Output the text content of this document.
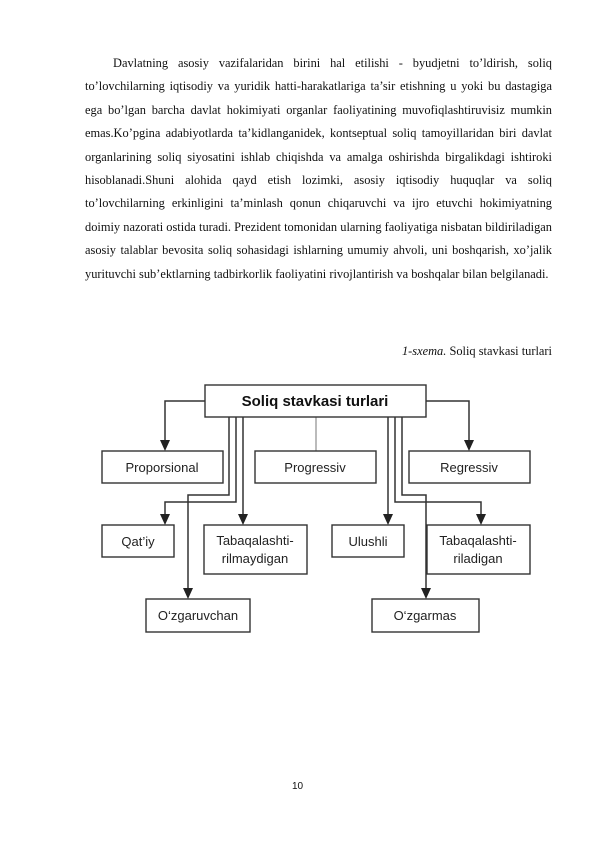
Davlatning asosiy vazifalaridan birini hal etilishi - byudjetni to’ldirish, soliq to’lovchilarning iqtisodiy va yuridik hatti-harakatlariga ta’sir etishning u yoki bu dastagiga ega bo’lgan barcha davlat hokimiyati organlar faoliyatining muvofiqlashtiruvisiz mumkin emas.Ko’pgina adabiyotlarda ta’kidlanganidek, kontseptual soliq tamoyillaridan biri davlat organlarining soliq siyosatini ishlab chiqishda va amalga oshirishda birgalikdagi ishtiroki hisoblanadi.Shuni alohida qayd etish lozimki, asosiy iqtisodiy huquqlar va soliq to’lovchilarning erkinligini ta’minlash qonun chiqaruvchi va ijro etuvchi hokimiyatning doimiy nazorati ostida turadi. Prezident tomonidan ularning faoliyatiga nisbatan bildiriladigan asosiy talablar bevosita soliq sohasidagi ishlarning umumiy ahvoli, uni boshqarish, xo’jalik yurituvchi sub’ektlarning tadbirkorlik faoliyatini rivojlantirish va boshqalar bilan belgilanadi.

1-sxema. Soliq stavkasi turlari
Soliq stavkasi turlari
Proporsional	Progressiv	Regressiv
Qat’iy	Tabaqalashti-
rilmaydigan
Ulushli	Tabaqalashti-
riladigan
O‘zgaruvchan	O‘zgarmas
10
